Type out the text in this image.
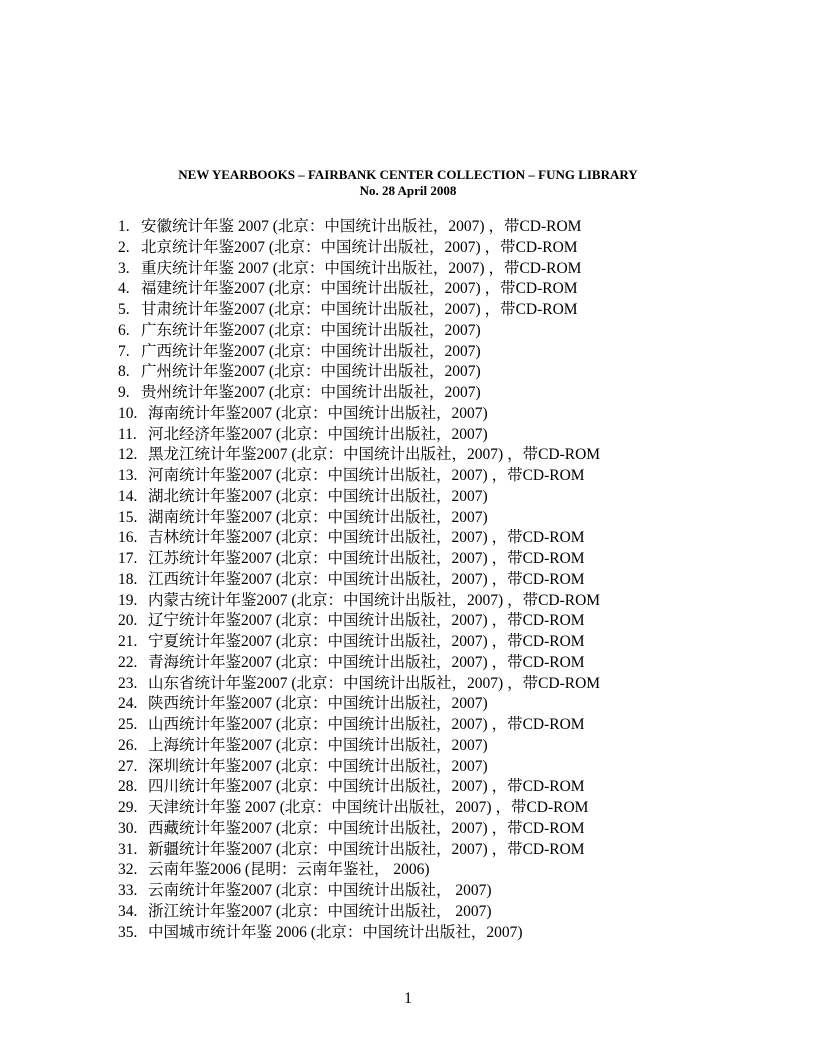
NEW YEARBOOKS – FAIRBANK CENTER COLLECTION – FUNG LIBRARY
No. 28 April 2008
1. 安徽统计年鉴 2007 (北京：中国统计出版社，2007) ，带CD-ROM
2. 北京统计年鉴2007 (北京：中国统计出版社，2007) ，带CD-ROM
3. 重庆统计年鉴 2007 (北京：中国统计出版社，2007) ，带CD-ROM
4. 福建统计年鉴2007 (北京：中国统计出版社，2007) ，带CD-ROM
5. 甘肃统计年鉴2007 (北京：中国统计出版社，2007) ，带CD-ROM
6. 广东统计年鉴2007 (北京：中国统计出版社，2007)
7. 广西统计年鉴2007 (北京：中国统计出版社，2007)
8. 广州统计年鉴2007 (北京：中国统计出版社，2007)
9. 贵州统计年鉴2007 (北京：中国统计出版社，2007)
10. 海南统计年鉴2007 (北京：中国统计出版社，2007)
11. 河北经济年鉴2007 (北京：中国统计出版社，2007)
12. 黑龙江统计年鉴2007 (北京：中国统计出版社，2007) ，带CD-ROM
13. 河南统计年鉴2007 (北京：中国统计出版社，2007) ，带CD-ROM
14. 湖北统计年鉴2007 (北京：中国统计出版社，2007)
15. 湖南统计年鉴2007 (北京：中国统计出版社，2007)
16. 吉林统计年鉴2007 (北京：中国统计出版社，2007) ，带CD-ROM
17. 江苏统计年鉴2007 (北京：中国统计出版社，2007) ，带CD-ROM
18. 江西统计年鉴2007 (北京：中国统计出版社，2007) ，带CD-ROM
19. 内蒙古统计年鉴2007 (北京：中国统计出版社，2007) ，带CD-ROM
20. 辽宁统计年鉴2007 (北京：中国统计出版社，2007) ，带CD-ROM
21. 宁夏统计年鉴2007 (北京：中国统计出版社，2007) ，带CD-ROM
22. 青海统计年鉴2007 (北京：中国统计出版社，2007) ，带CD-ROM
23. 山东省统计年鉴2007 (北京：中国统计出版社，2007) ，带CD-ROM
24. 陕西统计年鉴2007 (北京：中国统计出版社，2007)
25. 山西统计年鉴2007 (北京：中国统计出版社，2007) ，带CD-ROM
26. 上海统计年鉴2007 (北京：中国统计出版社，2007)
27. 深圳统计年鉴2007 (北京：中国统计出版社，2007)
28. 四川统计年鉴2007 (北京：中国统计出版社，2007) ，带CD-ROM
29. 天津统计年鉴 2007 (北京：中国统计出版社，2007) ，带CD-ROM
30. 西藏统计年鉴2007 (北京：中国统计出版社，2007) ，带CD-ROM
31. 新疆统计年鉴2007 (北京：中国统计出版社，2007) ，带CD-ROM
32. 云南年鉴2006 (昆明：云南年鉴社， 2006)
33. 云南统计年鉴2007 (北京：中国统计出版社， 2007)
34. 浙江统计年鉴2007 (北京：中国统计出版社， 2007)
35. 中国城市统计年鉴 2006 (北京：中国统计出版社，2007)
1
